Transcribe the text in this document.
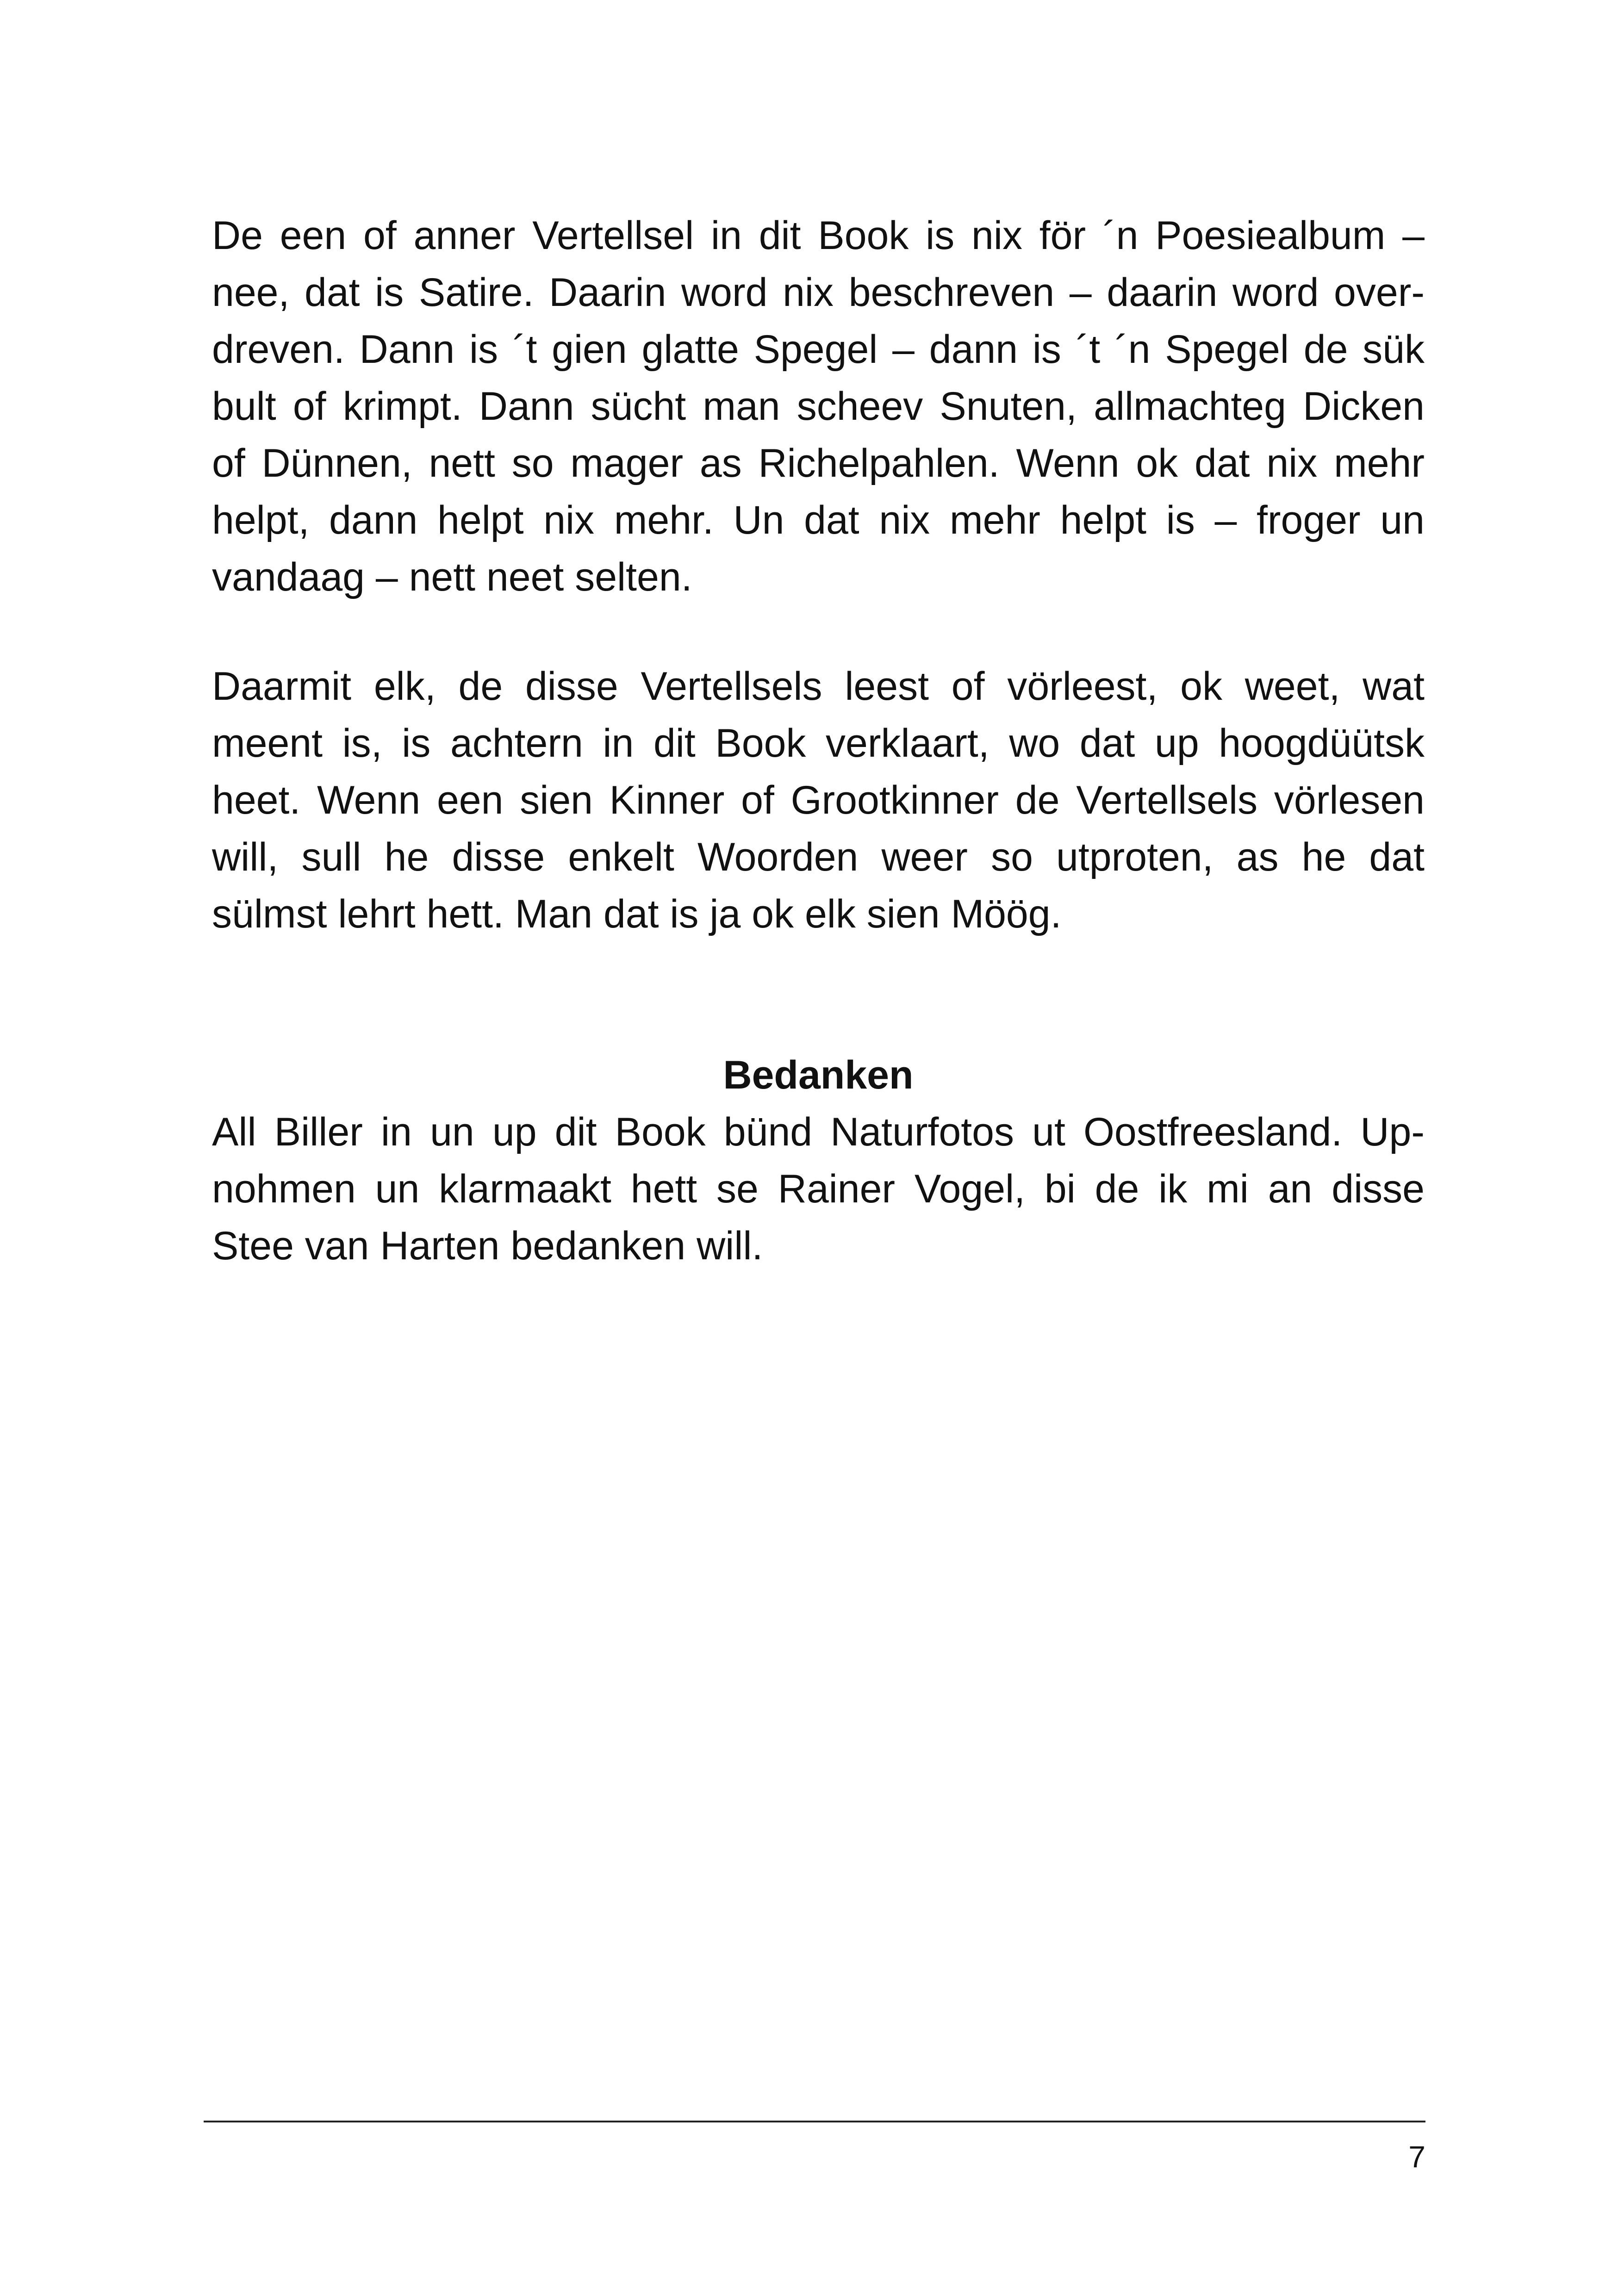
De een of anner Vertellsel in dit Book is nix för ´n Poesiealbum –
nee, dat is Satire. Daarin word nix beschreven – daarin word over-
dreven. Dann is ´t gien glatte Spegel – dann is ´t ´n Spegel de sük
bult of krimpt. Dann sücht man scheev Snuten, allmachteg Dicken
of Dünnen, nett so mager as Richelpahlen. Wenn ok dat nix mehr
helpt, dann helpt nix mehr. Un dat nix mehr helpt is – froger un
vandaag – nett neet selten.
Daarmit elk, de disse Vertellsels leest of vörleest, ok weet, wat
meent is, is achtern in dit Book verklaart, wo dat up hoogdüütsk
heet. Wenn een sien Kinner of Grootkinner de Vertellsels vörlesen
will, sull he disse enkelt Woorden weer so utproten, as he dat
sülmst lehrt hett. Man dat is ja ok elk sien Möög.
Bedanken
All Biller in un up dit Book bünd Naturfotos ut Oostfreesland. Up-
nohmen un klarmaakt hett se Rainer Vogel, bi de ik mi an disse
Stee van Harten bedanken will.
7
